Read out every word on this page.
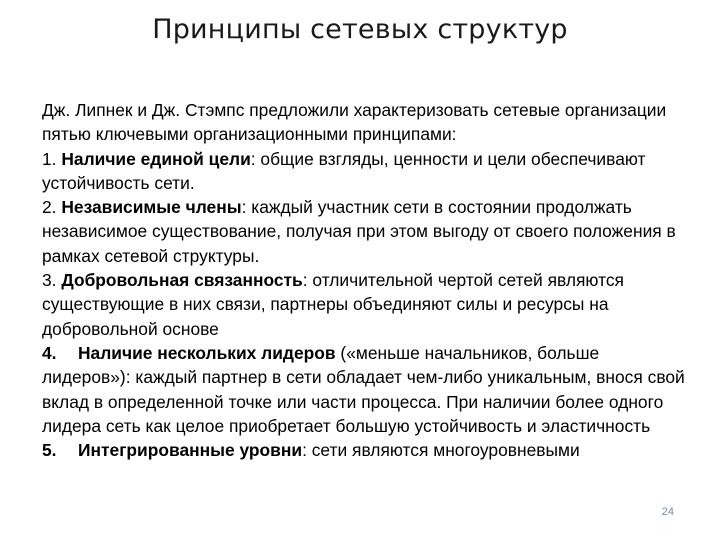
Принципы сетевых структур

Дж. Липнек и Дж. Стэмпс предложили характеризовать сетевые организации пятью ключевыми организационными принципами:

1. Наличие единой цели: общие взгляды, ценности и цели обеспечивают устойчивость сети.

2. Независимые члены: каждый участник сети в состоянии продолжать независимое существование, получая при этом выгоду от своего положения в рамках сетевой структуры.

3. Добровольная связанность: отличительной чертой сетей являются существующие в них связи, партнеры объединяют силы и ресурсы на добровольной основе

4. Наличие нескольких лидеров («меньше начальников, больше лидеров»): каждый партнер в сети обладает чем-либо уникальным, внося свой вклад в определенной точке или части процесса. При наличии более одного лидера сеть как целое приобретает большую устойчивость и эластичность

5. Интегрированные уровни: сети являются многоуровневыми

24
